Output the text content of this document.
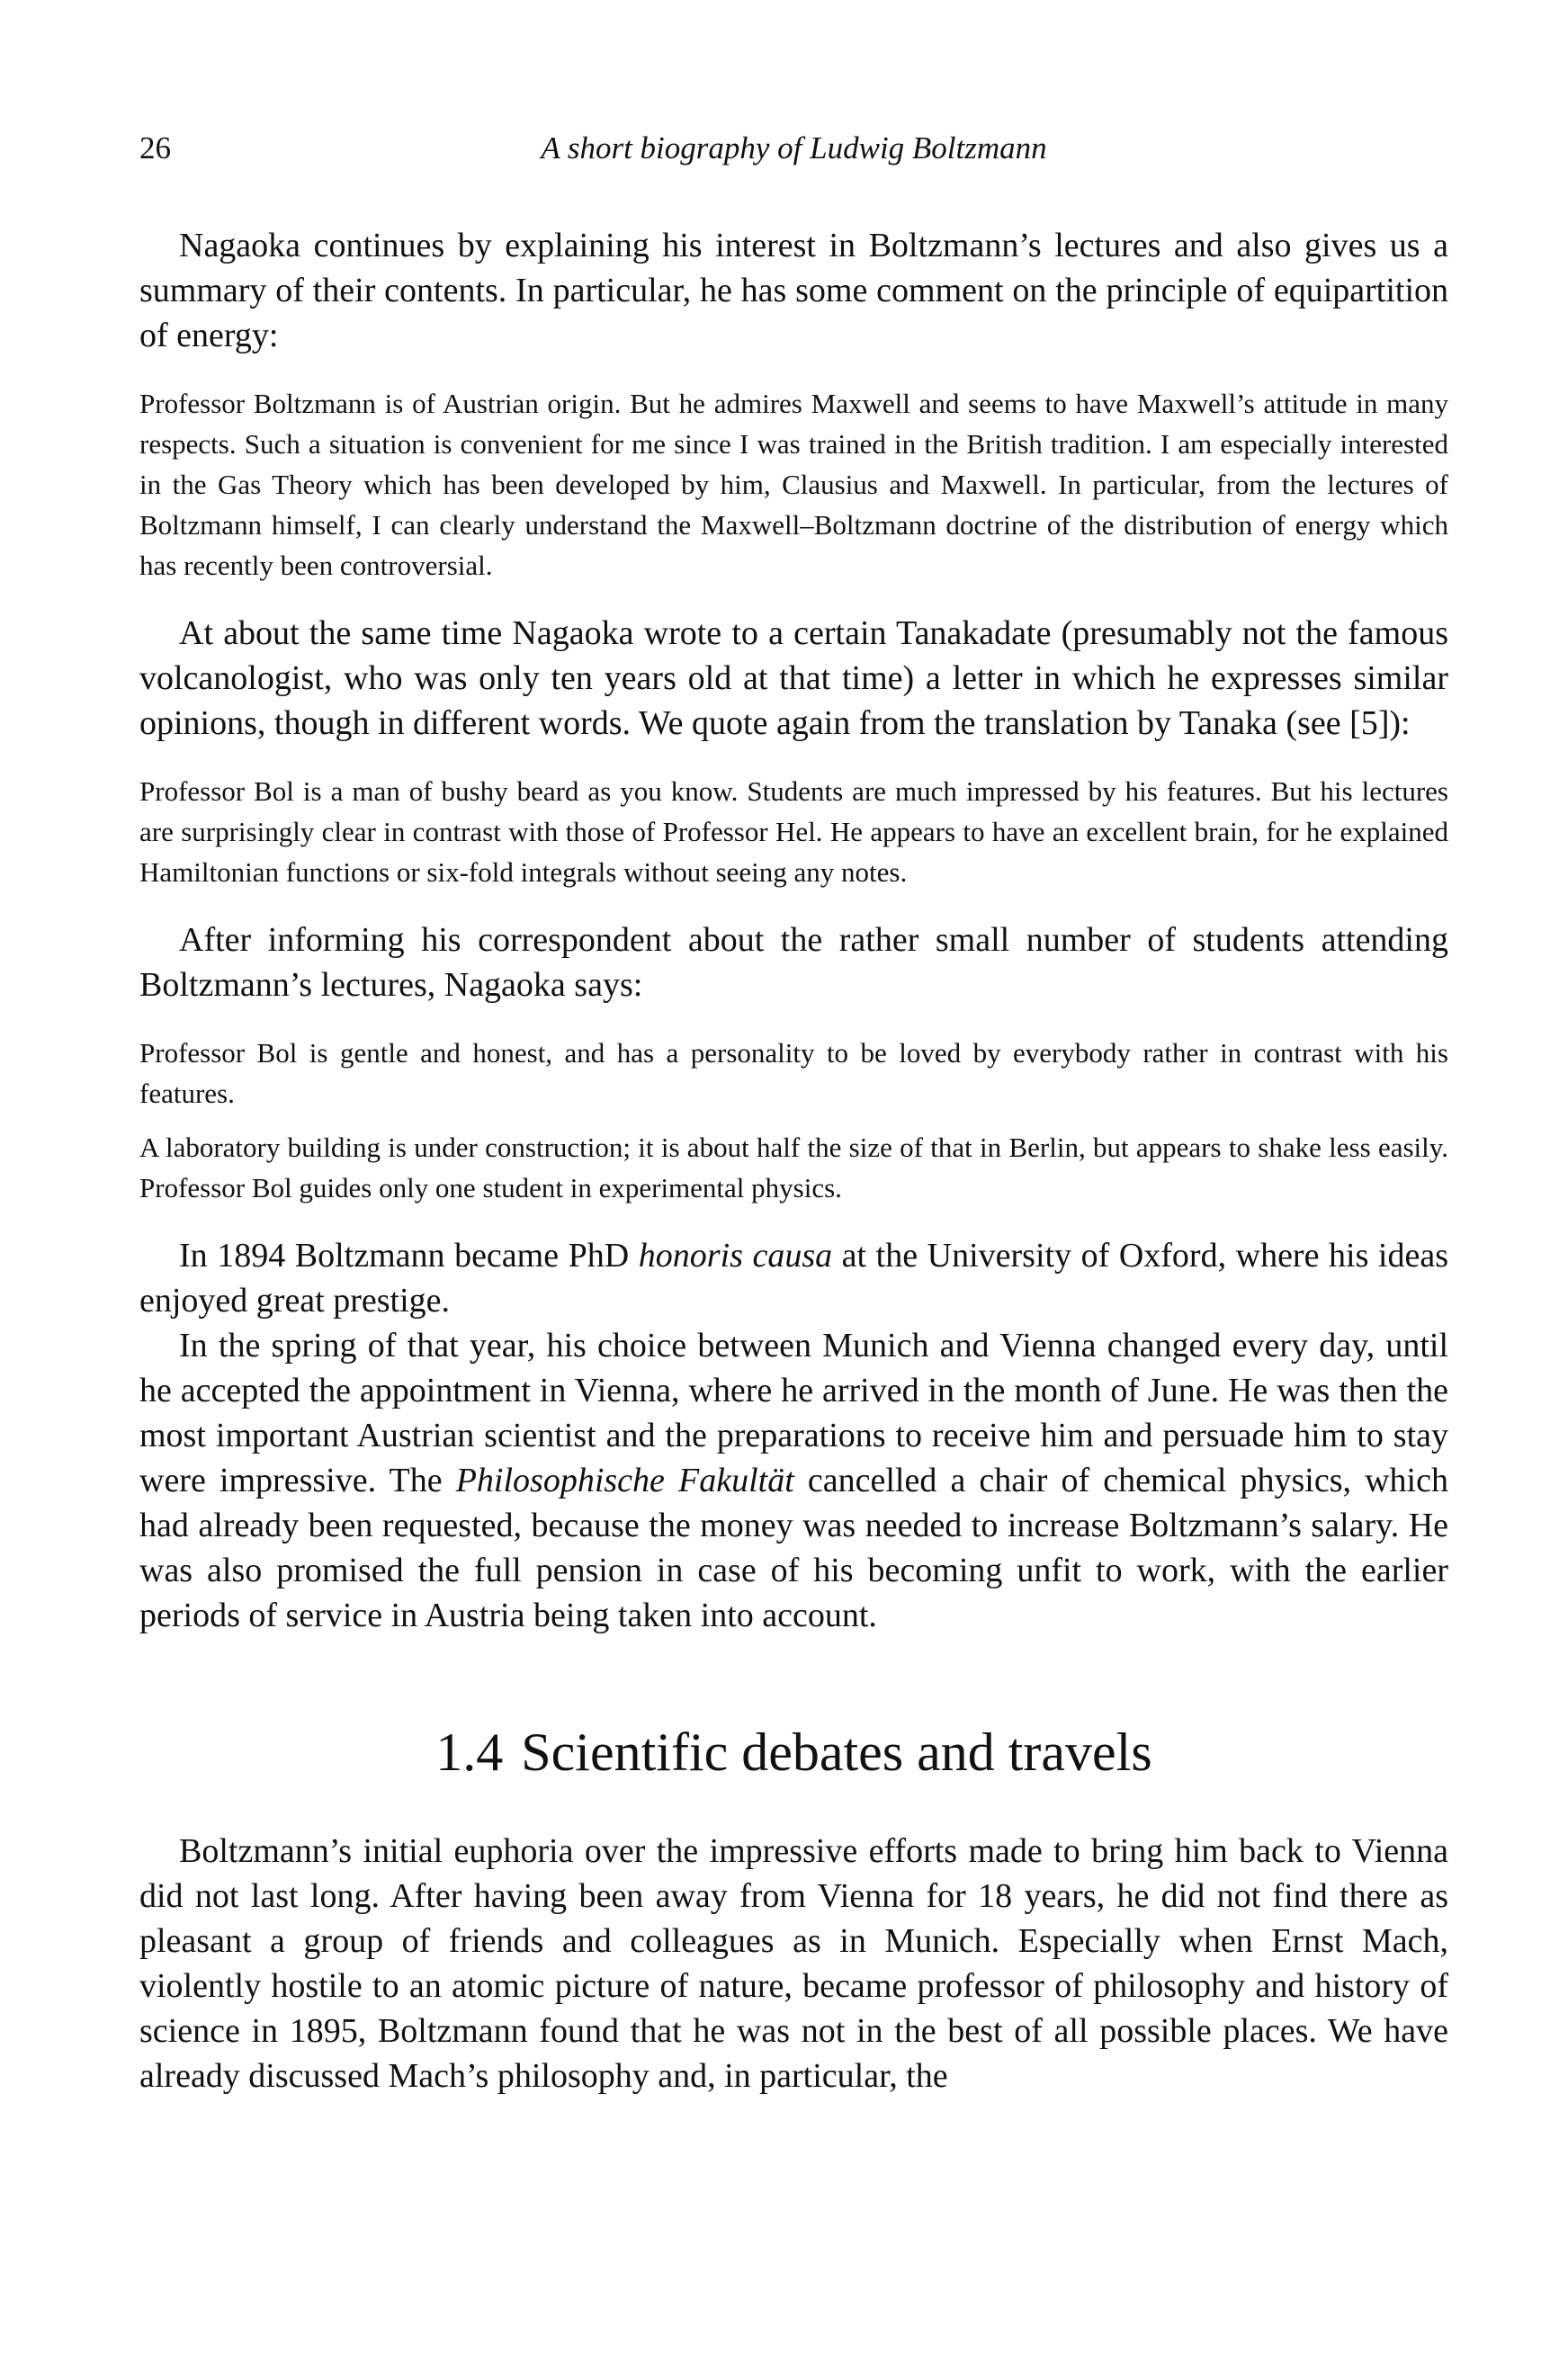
26	A short biography of Ludwig Boltzmann

Nagaoka continues by explaining his interest in Boltzmann’s lectures and also gives us a summary of their contents. In particular, he has some comment on the principle of equipartition of energy:

Professor Boltzmann is of Austrian origin. But he admires Maxwell and seems to have Maxwell’s attitude in many respects. Such a situation is convenient for me since I was trained in the British tradition. I am especially interested in the Gas Theory which has been developed by him, Clausius and Maxwell. In particular, from the lectures of Boltzmann himself, I can clearly understand the Maxwell–Boltzmann doctrine of the distribution of energy which has recently been controversial.

At about the same time Nagaoka wrote to a certain Tanakadate (presumably not the famous volcanologist, who was only ten years old at that time) a letter in which he expresses similar opinions, though in different words. We quote again from the translation by Tanaka (see [5]):

Professor Bol is a man of bushy beard as you know. Students are much impressed by his features. But his lectures are surprisingly clear in contrast with those of Professor Hel. He appears to have an excellent brain, for he explained Hamiltonian functions or six-fold integrals without seeing any notes.

After informing his correspondent about the rather small number of students attending Boltzmann’s lectures, Nagaoka says:

Professor Bol is gentle and honest, and has a personality to be loved by everybody rather in contrast with his features.

A laboratory building is under construction; it is about half the size of that in Berlin, but appears to shake less easily. Professor Bol guides only one student in experimental physics.

In 1894 Boltzmann became PhD honoris causa at the University of Oxford, where his ideas enjoyed great prestige.

In the spring of that year, his choice between Munich and Vienna changed every day, until he accepted the appointment in Vienna, where he arrived in the month of June. He was then the most important Austrian scientist and the preparations to receive him and persuade him to stay were impressive. The Philosophische Fakultät cancelled a chair of chemical physics, which had already been requested, because the money was needed to increase Boltzmann’s salary. He was also promised the full pension in case of his becoming unfit to work, with the earlier periods of service in Austria being taken into account.

1.4 Scientific debates and travels

Boltzmann’s initial euphoria over the impressive efforts made to bring him back to Vienna did not last long. After having been away from Vienna for 18 years, he did not find there as pleasant a group of friends and colleagues as in Munich. Especially when Ernst Mach, violently hostile to an atomic picture of nature, became professor of philosophy and history of science in 1895, Boltzmann found that he was not in the best of all possible places. We have already discussed Mach’s philosophy and, in particular, the
